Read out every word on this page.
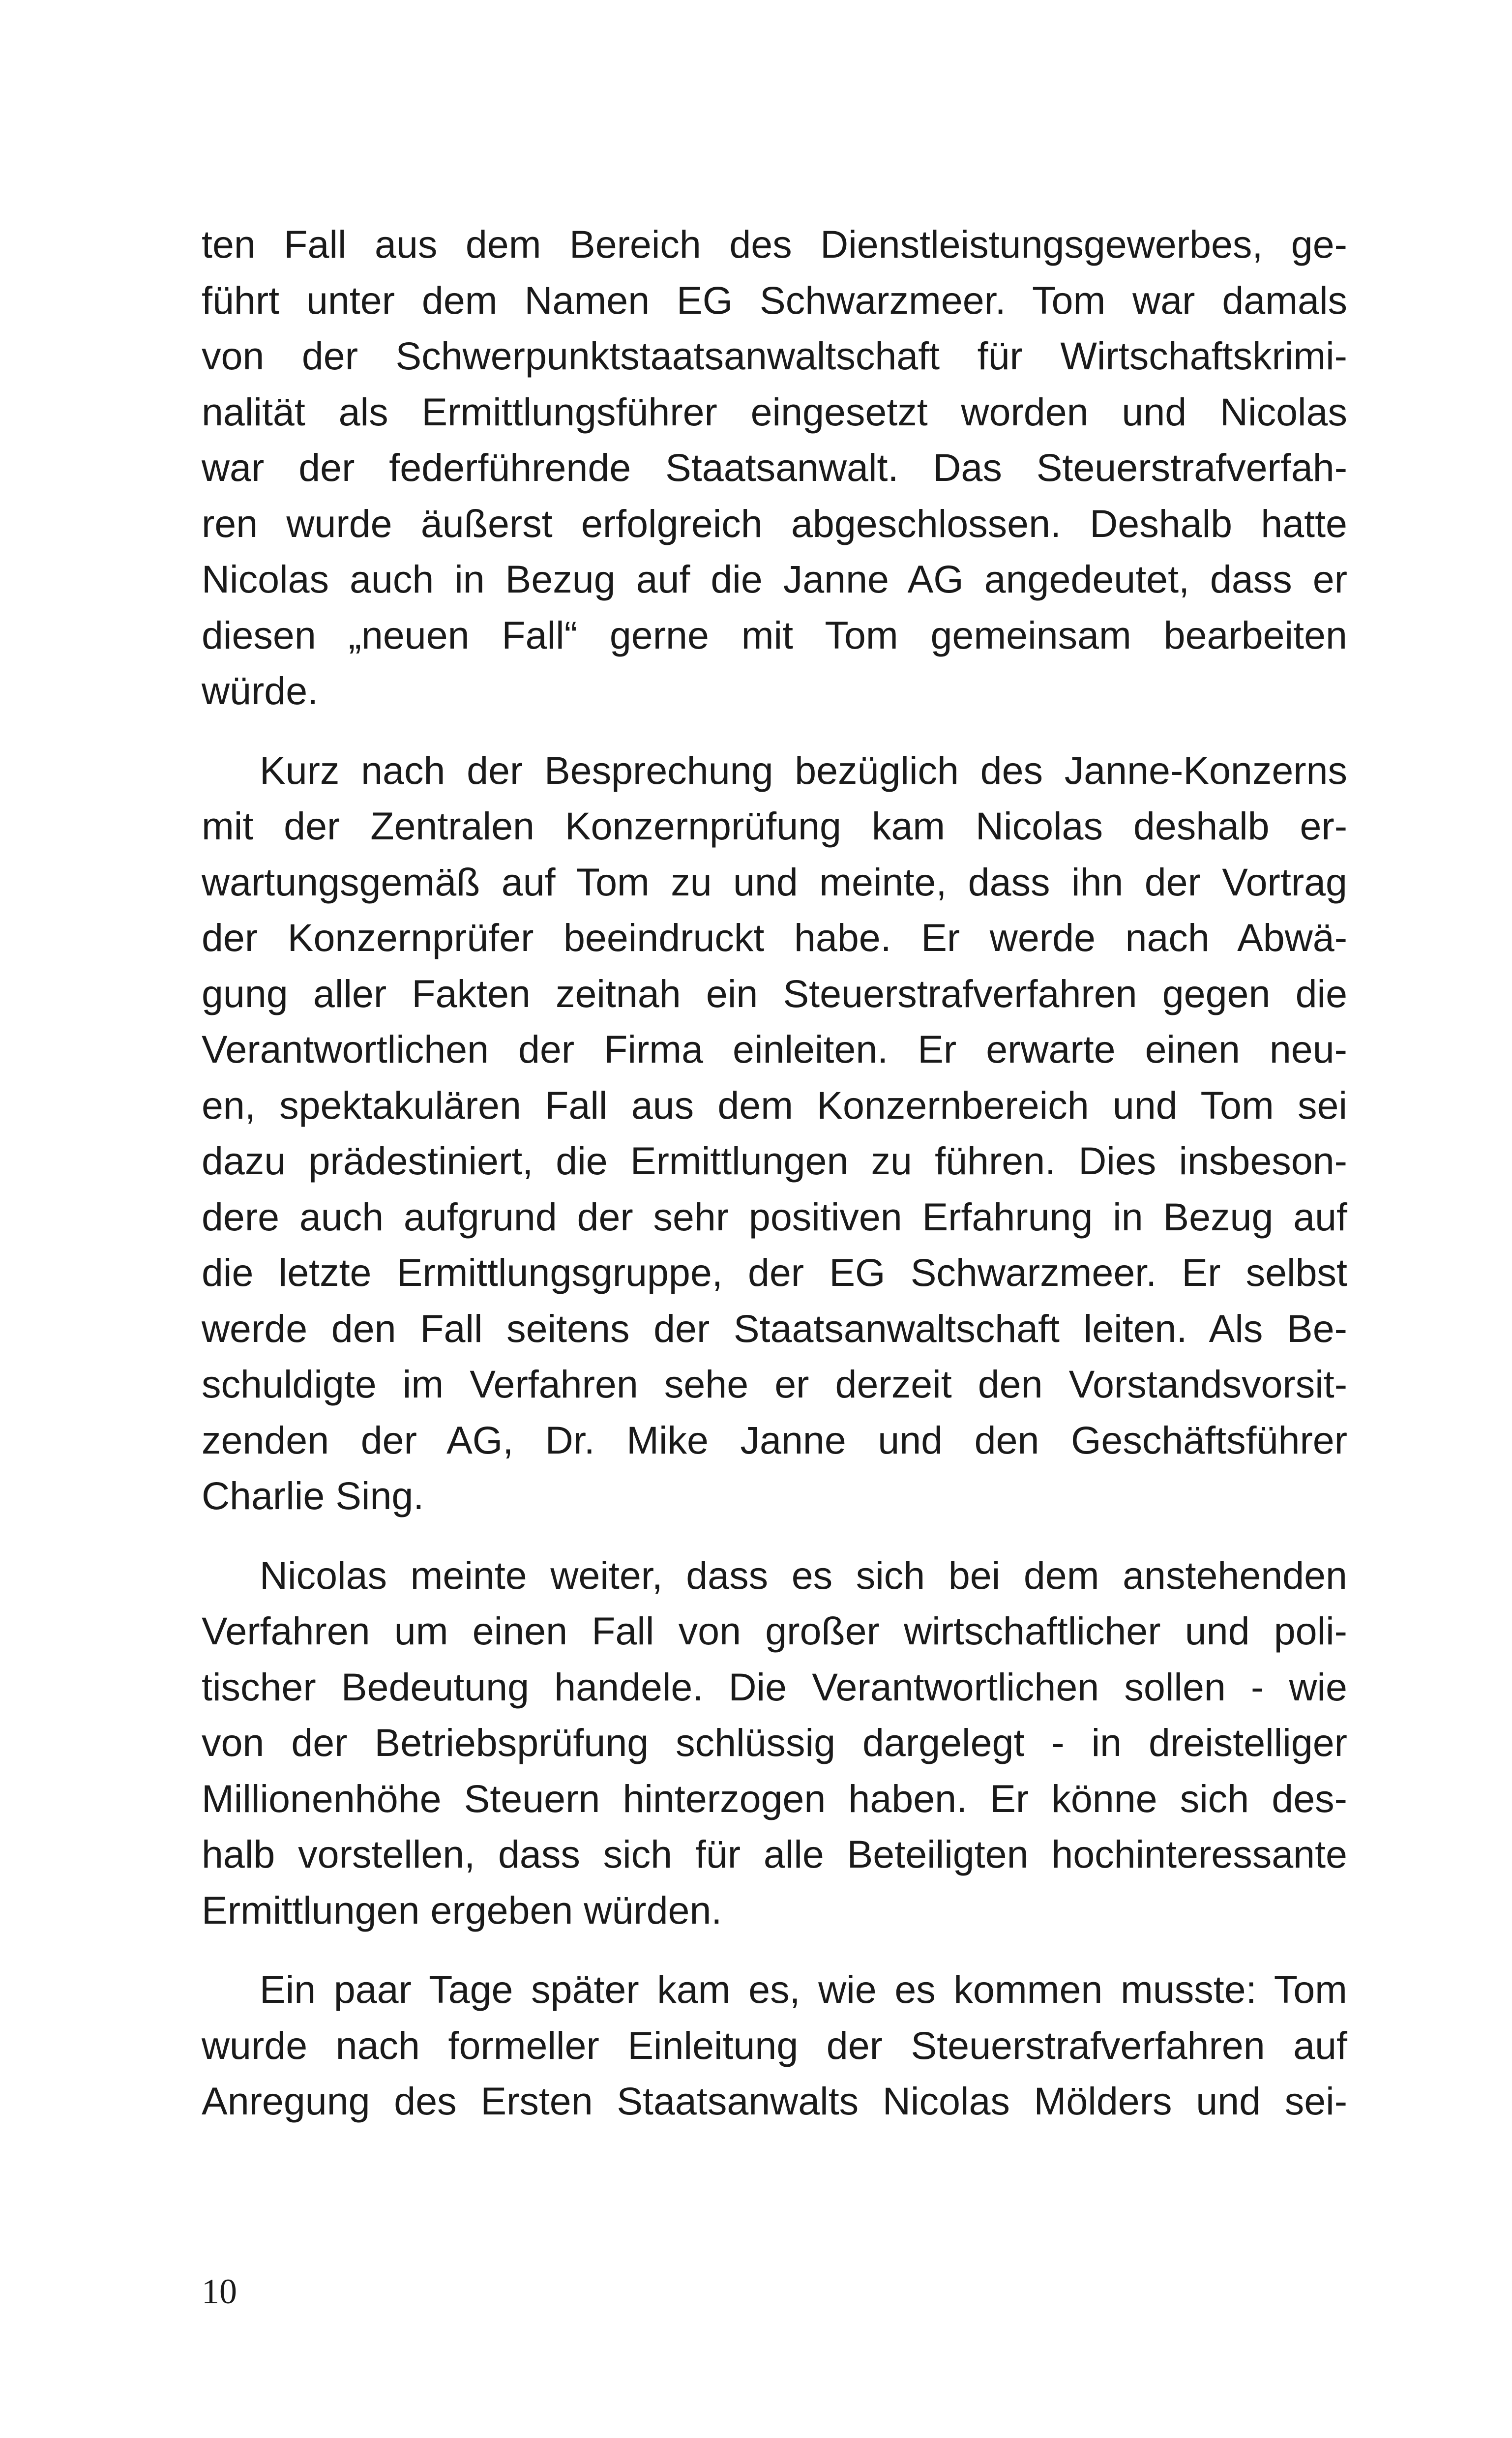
ten Fall aus dem Bereich des Dienstleistungsgewerbes, ge-
führt unter dem Namen EG Schwarzmeer. Tom war damals
von der Schwerpunktstaatsanwaltschaft für Wirtschaftskrimi-
nalität als Ermittlungsführer eingesetzt worden und Nicolas
war der federführende Staatsanwalt. Das Steuerstrafverfah-
ren wurde äußerst erfolgreich abgeschlossen. Deshalb hatte
Nicolas auch in Bezug auf die Janne AG angedeutet, dass er
diesen „neuen Fall“ gerne mit Tom gemeinsam bearbeiten
würde.

Kurz nach der Besprechung bezüglich des Janne-Konzerns
mit der Zentralen Konzernprüfung kam Nicolas deshalb er-
wartungsgemäß auf Tom zu und meinte, dass ihn der Vortrag
der Konzernprüfer beeindruckt habe. Er werde nach Abwä-
gung aller Fakten zeitnah ein Steuerstrafverfahren gegen die
Verantwortlichen der Firma einleiten. Er erwarte einen neu-
en, spektakulären Fall aus dem Konzernbereich und Tom sei
dazu prädestiniert, die Ermittlungen zu führen. Dies insbeson-
dere auch aufgrund der sehr positiven Erfahrung in Bezug auf
die letzte Ermittlungsgruppe, der EG Schwarzmeer. Er selbst
werde den Fall seitens der Staatsanwaltschaft leiten. Als Be-
schuldigte im Verfahren sehe er derzeit den Vorstandsvorsit-
zenden der AG, Dr. Mike Janne und den Geschäftsführer
Charlie Sing.

Nicolas meinte weiter, dass es sich bei dem anstehenden
Verfahren um einen Fall von großer wirtschaftlicher und poli-
tischer Bedeutung handele. Die Verantwortlichen sollen - wie
von der Betriebsprüfung schlüssig dargelegt - in dreistelliger
Millionenhöhe Steuern hinterzogen haben. Er könne sich des-
halb vorstellen, dass sich für alle Beteiligten hochinteressante
Ermittlungen ergeben würden.

Ein paar Tage später kam es, wie es kommen musste: Tom
wurde nach formeller Einleitung der Steuerstrafverfahren auf
Anregung des Ersten Staatsanwalts Nicolas Mölders und sei-

10
